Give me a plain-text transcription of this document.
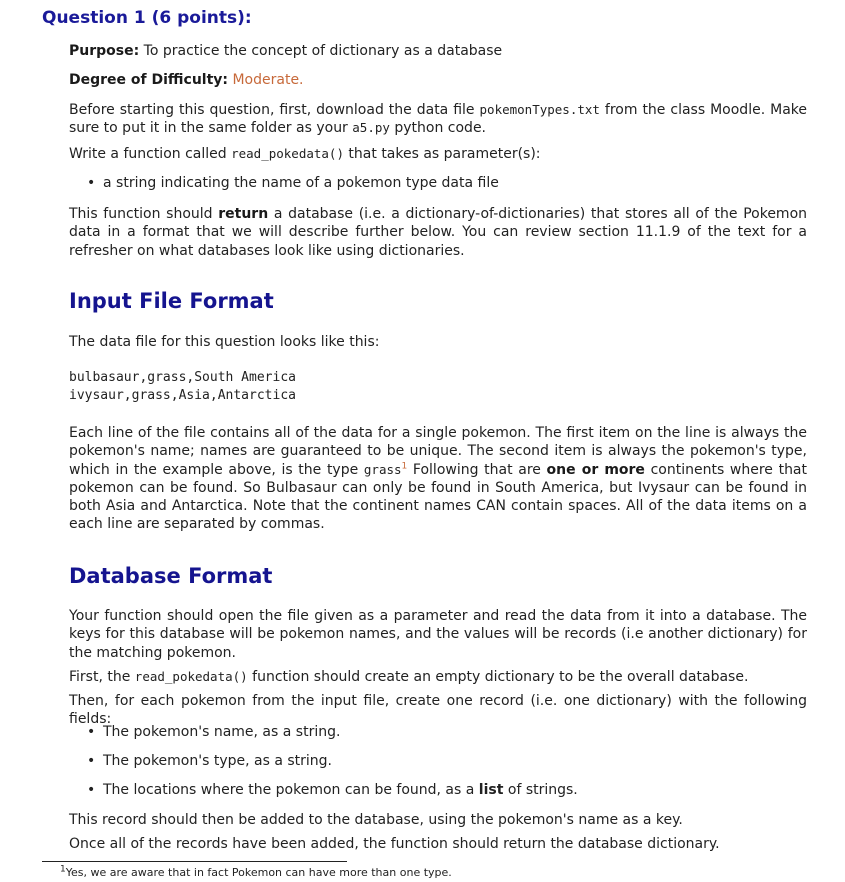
Question 1 (6 points):

Purpose: To practice the concept of dictionary as a database

Degree of Difficulty: Moderate.

Before starting this question, first, download the data file pokemonTypes.txt from the class Moodle. Make sure to put it in the same folder as your a5.py python code.

Write a function called read_pokedata() that takes as parameter(s):

• a string indicating the name of a pokemon type data file

This function should return a database (i.e. a dictionary-of-dictionaries) that stores all of the Pokemon data in a format that we will describe further below. You can review section 11.1.9 of the text for a refresher on what databases look like using dictionaries.

Input File Format

The data file for this question looks like this:

bulbasaur,grass,South America
ivysaur,grass,Asia,Antarctica

Each line of the file contains all of the data for a single pokemon. The first item on the line is always the pokemon's name; names are guaranteed to be unique. The second item is always the pokemon's type, which in the example above, is the type grass$^1$ Following that are one or more continents where that pokemon can be found. So Bulbasaur can only be found in South America, but Ivysaur can be found in both Asia and Antarctica. Note that the continent names CAN contain spaces. All of the data items on a each line are separated by commas.

Database Format

Your function should open the file given as a parameter and read the data from it into a database. The keys for this database will be pokemon names, and the values will be records (i.e another dictionary) for the matching pokemon.

First, the read_pokedata() function should create an empty dictionary to be the overall database.

Then, for each pokemon from the input file, create one record (i.e. one dictionary) with the following fields:

• The pokemon's name, as a string.
• The pokemon's type, as a string.
• The locations where the pokemon can be found, as a list of strings.

This record should then be added to the database, using the pokemon's name as a key.

Once all of the records have been added, the function should return the database dictionary.

$^1$Yes, we are aware that in fact Pokemon can have more than one type.
